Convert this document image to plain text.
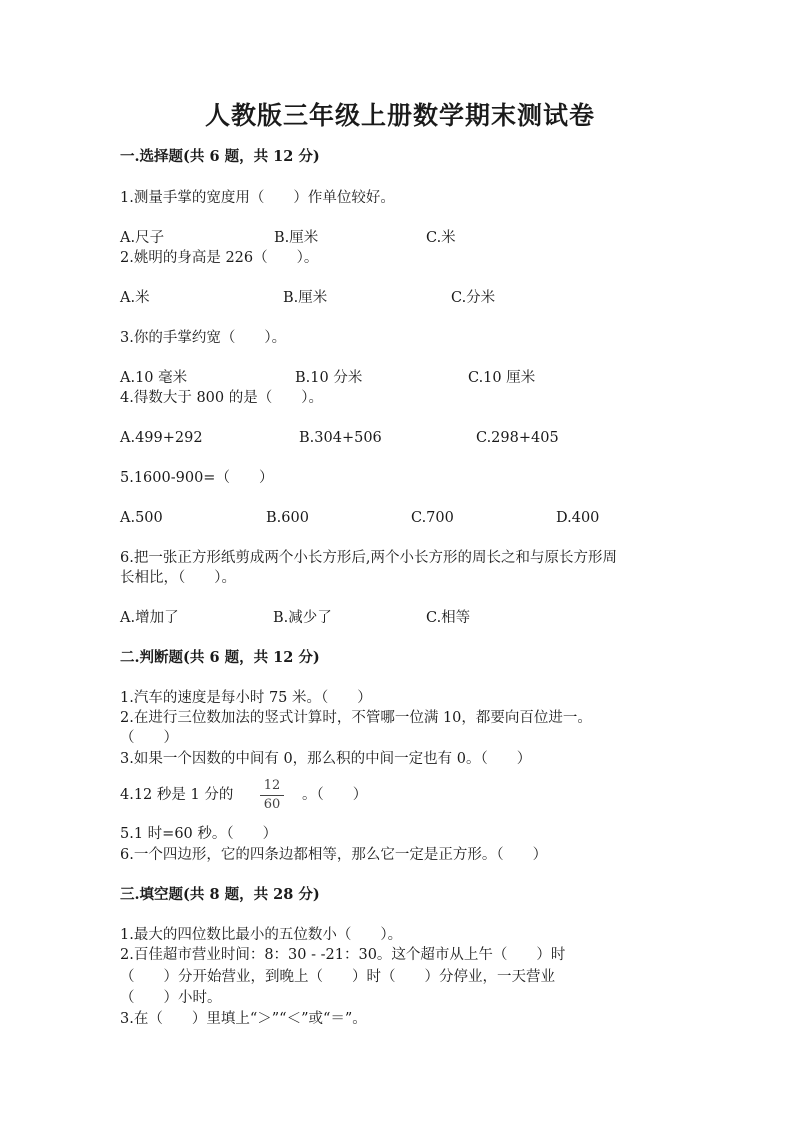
人教版三年级上册数学期末测试卷
一.选择题(共 6 题，共 12 分)
1.测量手掌的宽度用（　　）作单位较好。
A.尺子	B.厘米	C.米
2.姚明的身高是 226（　　）。
A.米	B.厘米	C.分米
3.你的手掌约宽（　　）。
A.10 毫米	B.10 分米	C.10 厘米
4.得数大于 800 的是（　　）。
A.499+292	B.304+506	C.298+405
5.1600-900=（　　）
A.500	B.600	C.700	D.400
6.把一张正方形纸剪成两个小长方形后,两个小长方形的周长之和与原长方形周
长相比，（　　）。
A.增加了	B.减少了	C.相等
二.判断题(共 6 题，共 12 分)
1.汽车的速度是每小时 75 米。（　　）
2.在进行三位数加法的竖式计算时，不管哪一位满 10，都要向百位进一。
（　　）
3.如果一个因数的中间有 0，那么积的中间一定也有 0。（　　）
4.12 秒是 1 分的
12
60
。（　　）
5.1 时=60 秒。（　　）
6.一个四边形，它的四条边都相等，那么它一定是正方形。（　　）
三.填空题(共 8 题，共 28 分)
1.最大的四位数比最小的五位数小（　　）。
2.百佳超市营业时间：8：30 - -21：30。这个超市从上午（　　）时
（　　）分开始营业，到晚上（　　）时（　　）分停业，一天营业
（　　）小时。
3.在（　　）里填上“＞”“＜”或“＝”。
